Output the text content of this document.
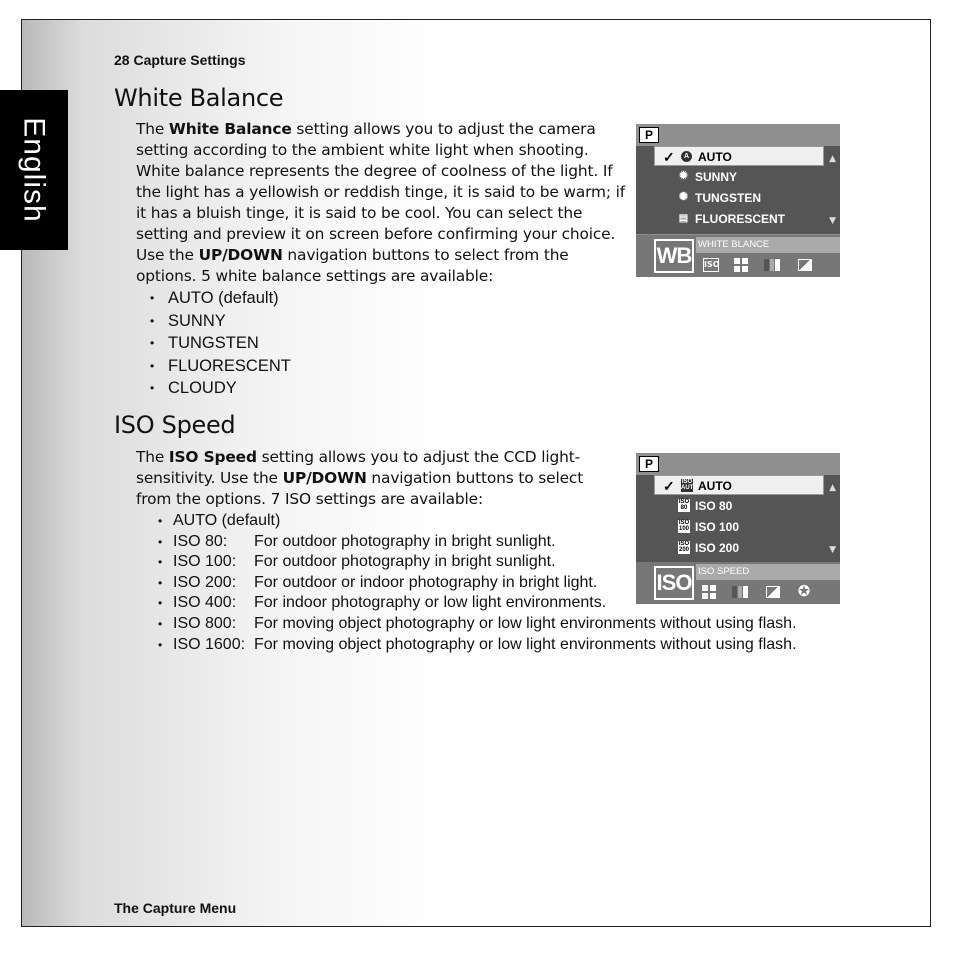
English
28 Capture Settings
White Balance
The White Balance setting allows you to adjust the camera setting according to the ambient white light when shooting. White balance represents the degree of coolness of the light. If the light has a yellowish or reddish tinge, it is said to be warm; if it has a bluish tinge, it is said to be cool. You can select the setting and preview it on screen before confirming your choice. Use the UP/DOWN navigation buttons to select from the options. 5 white balance settings are available:
• AUTO (default)
• SUNNY
• TUNGSTEN
• FLUORESCENT
• CLOUDY
P
✓	A AUTO
✹ SUNNY
✺ TUNGSTEN
▤ FLUORESCENT
▲
▼
WB WHITE BLANCE
ISO
ISO Speed
The ISO Speed setting allows you to adjust the CCD light-sensitivity. Use the UP/DOWN navigation buttons to select from the options. 7 ISO settings are available:
• AUTO (default)
• ISO 80:	For outdoor photography in bright sunlight.
• ISO 100:	For outdoor photography in bright sunlight.
• ISO 200:	For outdoor or indoor photography in bright light.
• ISO 400:	For indoor photography or low light environments.
• ISO 800:	For moving object photography or low light environments without using flash.
• ISO 1600: For moving object photography or low light environments without using flash.
P
✓ ISO AUTO AUTO
ISO 80 ISO 80
ISO 100 ISO 100
ISO 200 ISO 200
▲
▼
ISO ISO SPEED
✪
The Capture Menu
